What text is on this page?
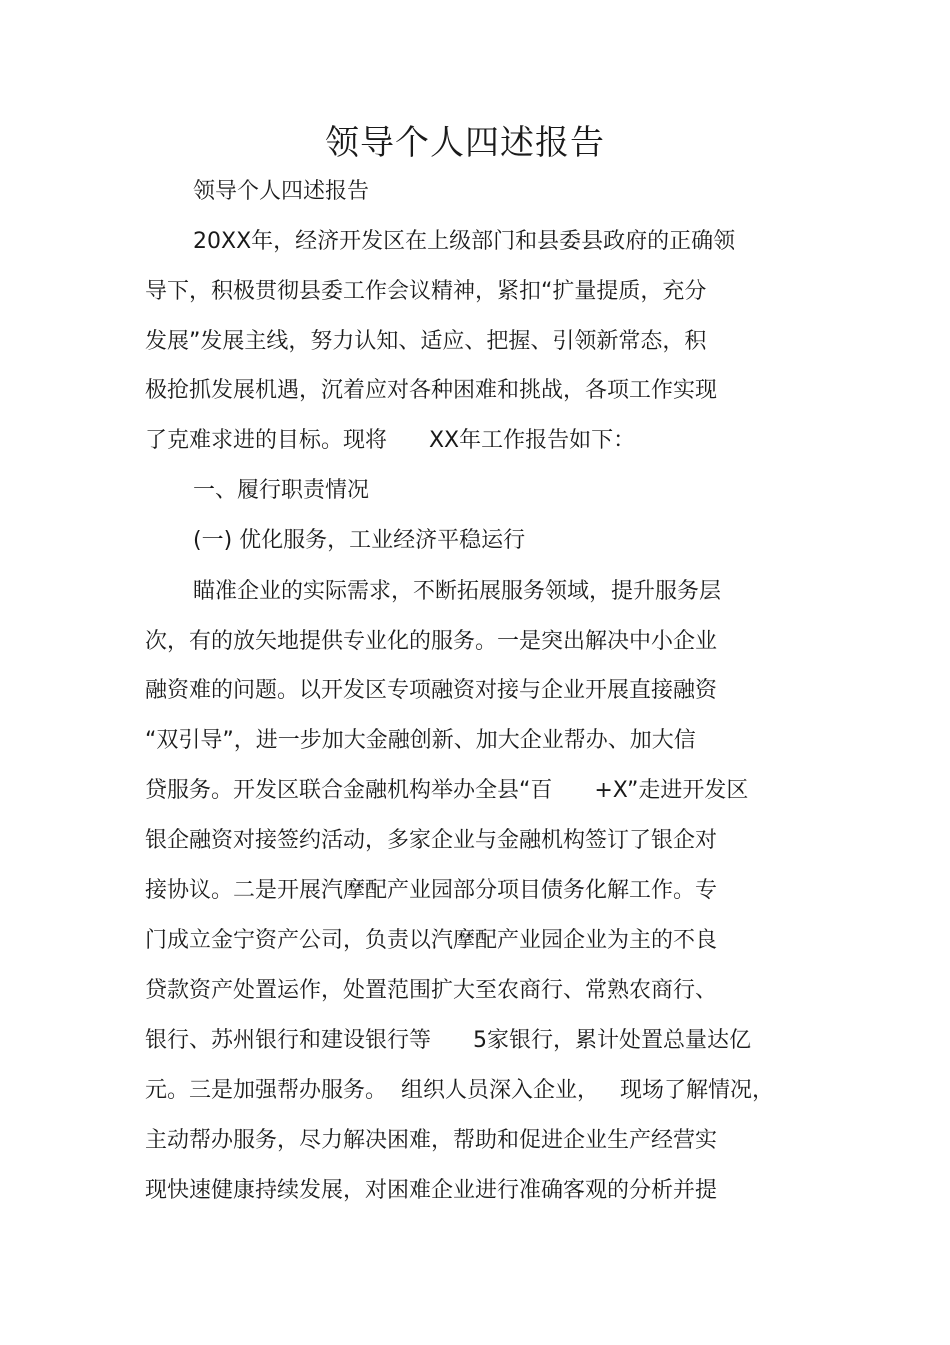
领导个人四述报告

领导个人四述报告

20XX年，经济开发区在上级部门和县委县政府的正确领

导下，积极贯彻县委工作会议精神，紧扣“扩量提质，充分

发展”发展主线，努力认知、适应、把握、引领新常态，积

极抢抓发展机遇，沉着应对各种困难和挑战，各项工作实现

了克难求进的目标。现将      XX年工作报告如下：

一、履行职责情况

(一) 优化服务，工业经济平稳运行

瞄准企业的实际需求，不断拓展服务领域，提升服务层

次，有的放矢地提供专业化的服务。一是突出解决中小企业

融资难的问题。以开发区专项融资对接与企业开展直接融资

“双引导”，进一步加大金融创新、加大企业帮办、加大信

贷服务。开发区联合金融机构举办全县“百      +X”走进开发区

银企融资对接签约活动，多家企业与金融机构签订了银企对

接协议。二是开展汽摩配产业园部分项目债务化解工作。专

门成立金宁资产公司，负责以汽摩配产业园企业为主的不良

贷款资产处置运作，处置范围扩大至农商行、常熟农商行、

银行、苏州银行和建设银行等      5家银行，累计处置总量达亿

元。三是加强帮办服务。  组织人员深入企业，   现场了解情况，

主动帮办服务，尽力解决困难，帮助和促进企业生产经营实

现快速健康持续发展，对困难企业进行准确客观的分析并提
